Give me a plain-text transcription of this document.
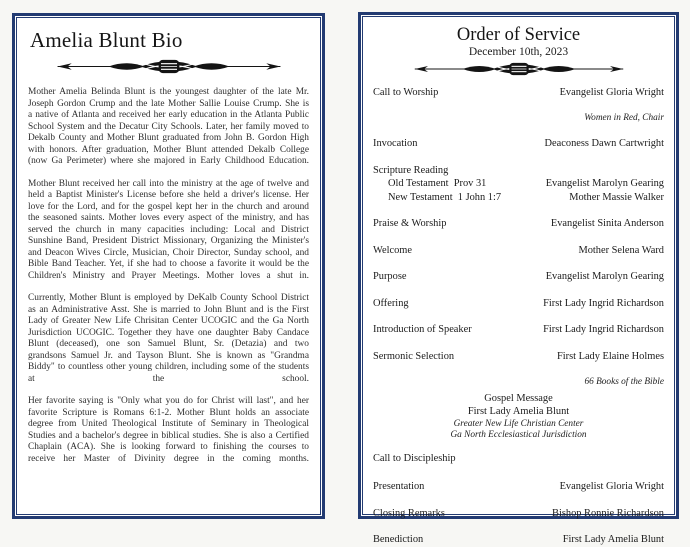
Amelia Blunt Bio

Mother Amelia Belinda Blunt is the youngest daughter of the late Mr. Joseph Gordon Crump and the late Mother Sallie Louise Crump. She is a native of Atlanta and received her early education in the Atlanta Public School System and the Decatur City Schools. Later, her family moved to Dekalb County and Mother Blunt graduated from John B. Gordon High with honors. After graduation, Mother Blunt attended Dekalb College (now Ga Perimeter) where she majored in Early Childhood Education.

Mother Blunt received her call into the ministry at the age of twelve and held a Baptist Minister's License before she held a driver's license. Her love for the Lord, and for the gospel kept her in the church and around the seasoned saints. Mother loves every aspect of the ministry, and has served the church in many capacities including: Local and District Sunshine Band, President District Missionary, Organizing the Minister's and Deacon Wives Circle, Musician, Choir Director, Sunday school, and Bible Band Teacher. Yet, if she had to choose a favorite it would be the Children's Ministry and Prayer Meetings. Mother loves a shut in.

Currently, Mother Blunt is employed by DeKalb County School District as an Administrative Asst. She is married to John Blunt and is the First Lady of Greater New Life Chrisitan Center UCOGIC and the Ga North Jurisdiction UCOGIC. Together they have one daughter Baby Candace Blunt (deceased), one son Samuel Blunt, Sr. (Detazia) and two grandsons Samuel Jr. and Tayson Blunt. She is known as "Grandma Biddy" to countless other young children, including some of the students at the school.

Her favorite saying is "Only what you do for Christ will last", and her favorite Scripture is Romans 6:1-2. Mother Blunt holds an associate degree from United Theological Institute of Seminary in Theological Studies and a bachelor's degree in biblical studies. She is also a Certified Chaplain (ACA). She is looking forward to finishing the courses to receive her Master of Divinity degree in the coming months.

Order of Service
December 10th, 2023
Call to Worship	Evangelist Gloria Wright

Women in Red, Chair
Invocation	Deaconess Dawn Cartwright
Scripture Reading
Old Testament  Prov 31	Evangelist Marolyn Gearing
New Testament  1 John 1:7	Mother Massie Walker
Praise & Worship	Evangelist Sinita Anderson
Welcome	Mother Selena Ward
Purpose	Evangelist Marolyn Gearing
Offering	First Lady Ingrid Richardson
Introduction of Speaker	First Lady Ingrid Richardson
Sermonic Selection	First Lady Elaine Holmes

66 Books of the Bible
Gospel Message
First Lady Amelia Blunt
Greater New Life Christian Center
Ga North Ecclesiastical Jurisdiction
Call to Discipleship
Presentation	Evangelist Gloria Wright
Closing Remarks	Bishop Ronnie Richardson
Benediction	First Lady Amelia Blunt
